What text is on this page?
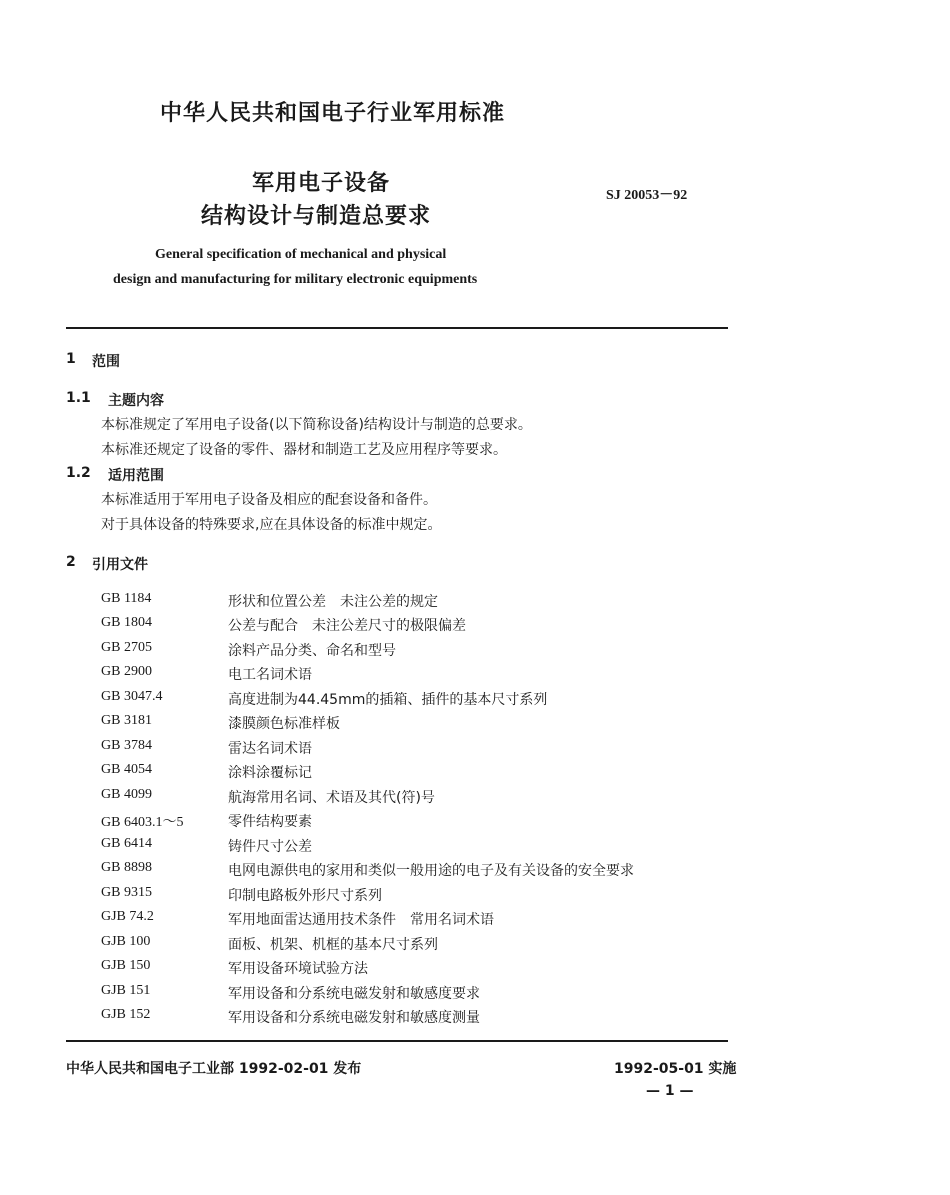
中华人民共和国电子行业军用标准
军用电子设备
结构设计与制造总要求
SJ 20053－92
General specification of mechanical and physical
design and manufacturing for military electronic equipments
1 范围
1.1 主题内容
本标准规定了军用电子设备(以下简称设备)结构设计与制造的总要求。
本标准还规定了设备的零件、器材和制造工艺及应用程序等要求。
1.2 适用范围
本标准适用于军用电子设备及相应的配套设备和备件。
对于具体设备的特殊要求,应在具体设备的标准中规定。
2 引用文件
GB 1184	形状和位置公差　未注公差的规定
GB 1804	公差与配合　未注公差尺寸的极限偏差
GB 2705	涂料产品分类、命名和型号
GB 2900	电工名词术语
GB 3047.4	高度进制为44.45mm的插箱、插件的基本尺寸系列
GB 3181	漆膜颜色标准样板
GB 3784	雷达名词术语
GB 4054	涂料涂覆标记
GB 4099	航海常用名词、术语及其代(符)号
GB 6403.1～5	零件结构要素
GB 6414	铸件尺寸公差
GB 8898	电网电源供电的家用和类似一般用途的电子及有关设备的安全要求
GB 9315	印制电路板外形尺寸系列
GJB 74.2	军用地面雷达通用技术条件　常用名词术语
GJB 100	面板、机架、机框的基本尺寸系列
GJB 150	军用设备环境试验方法
GJB 151	军用设备和分系统电磁发射和敏感度要求
GJB 152	军用设备和分系统电磁发射和敏感度测量
中华人民共和国电子工业部 1992-02-01 发布	1992-05-01 实施
— 1 —
